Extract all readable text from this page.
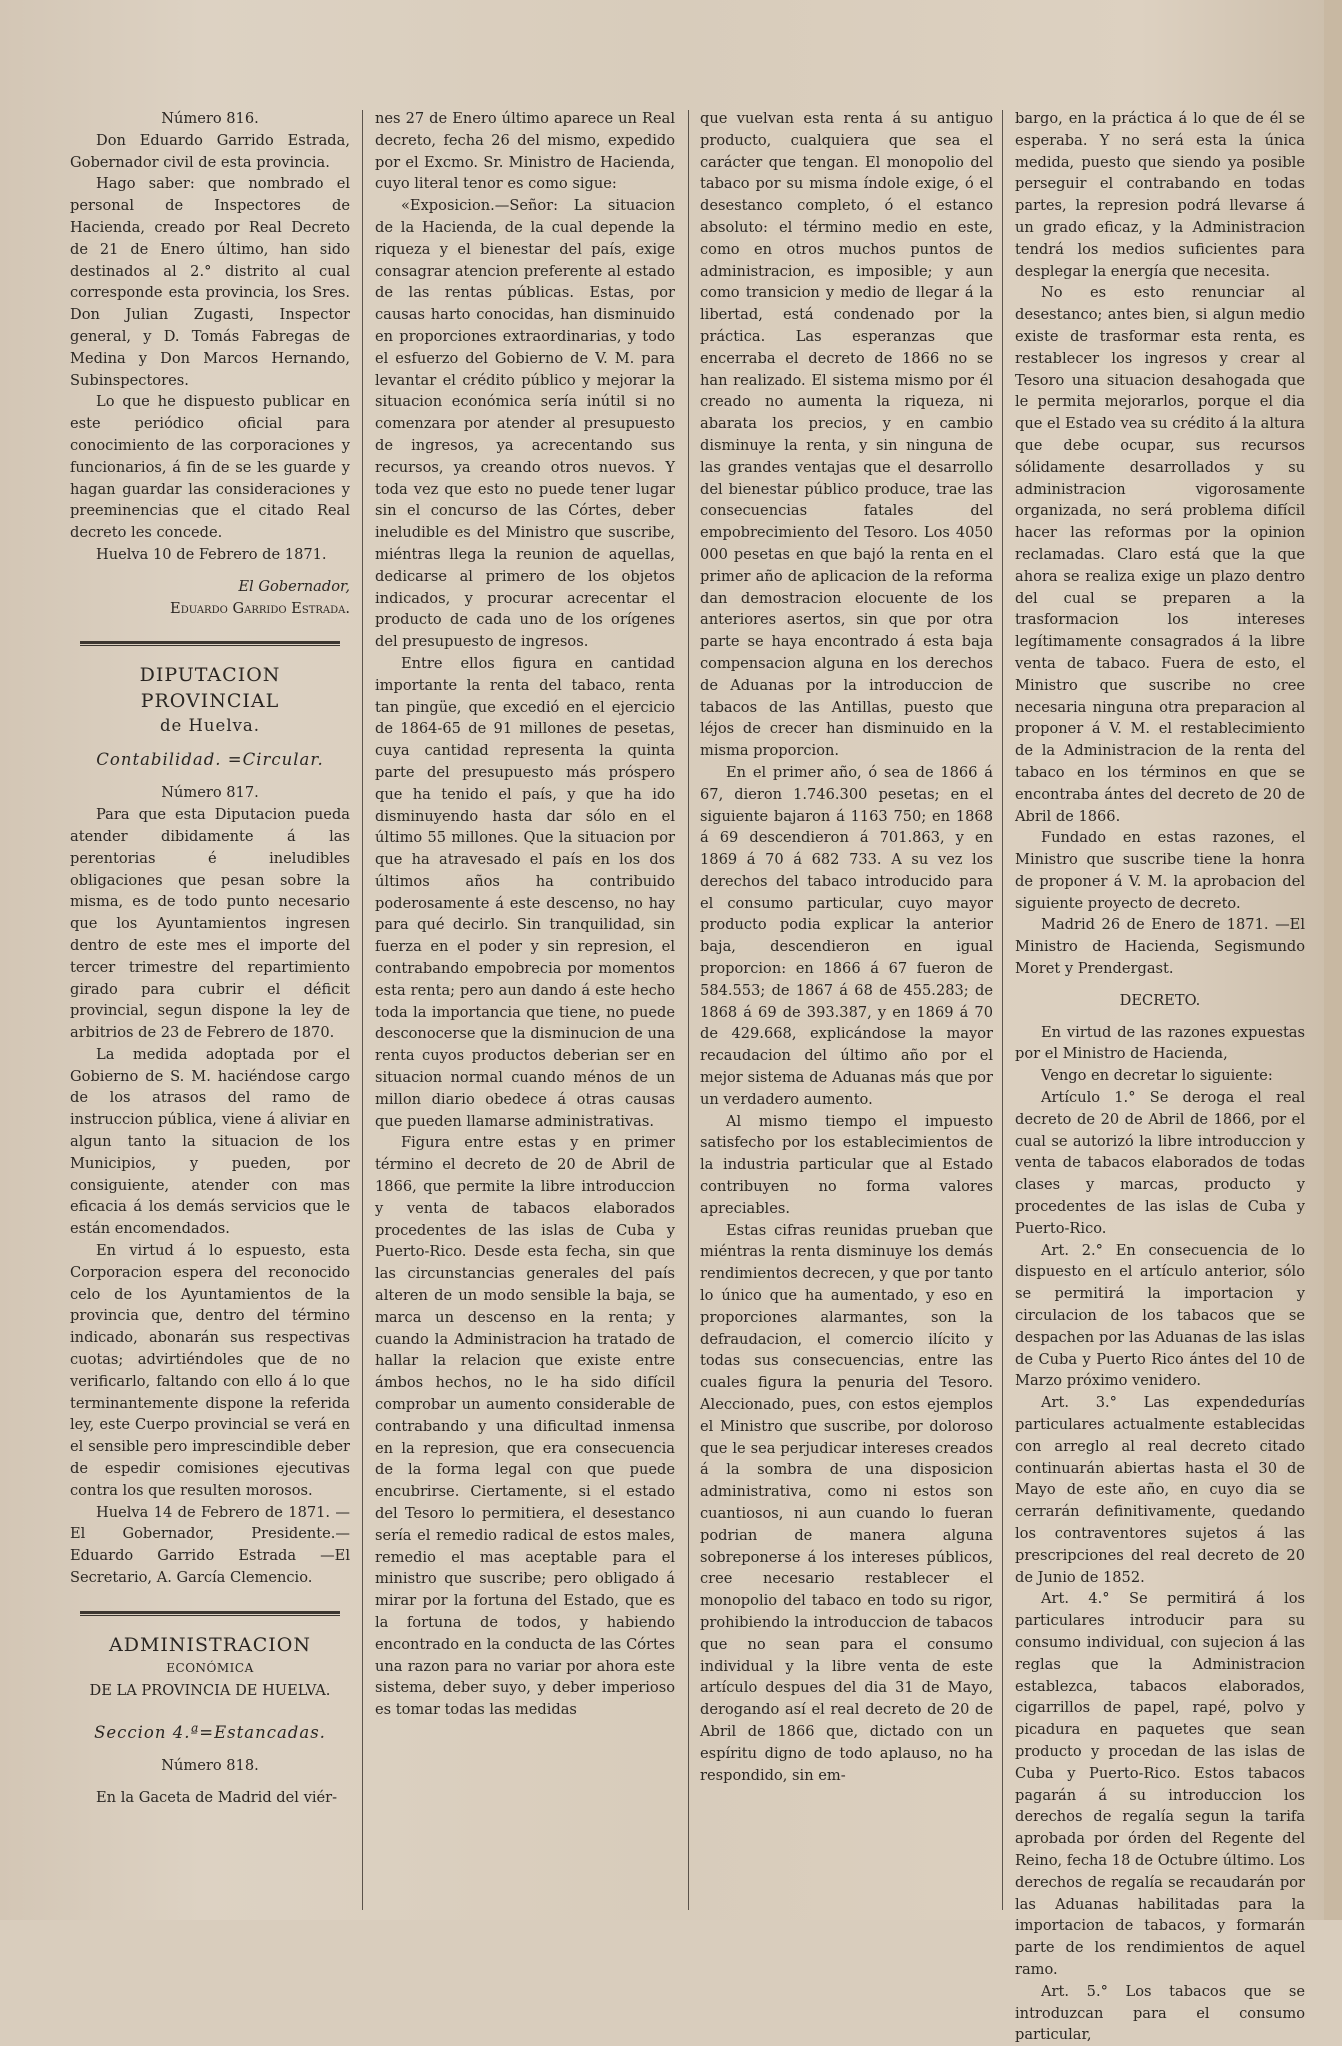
Número 816.

Don Eduardo Garrido Estrada, Gobernador civil de esta provincia.

Hago saber: que nombrado el personal de Inspectores de Hacienda, creado por Real Decreto de 21 de Enero último, han sido destinados al 2.° distrito al cual corresponde esta provincia, los Sres. Don Julian Zugasti, Inspector general, y D. Tomás Fabregas de Medina y Don Marcos Hernando, Subinspectores.

Lo que he dispuesto publicar en este periódico oficial para conocimiento de las corporaciones y funcionarios, á fin de se les guarde y hagan guardar las consideraciones y preeminencias que el citado Real decreto les concede.

Huelva 10 de Febrero de 1871.

El Gobernador,

Eduardo Garrido Estrada.

DIPUTACION PROVINCIAL

de Huelva.

Contabilidad. =Circular.

Número 817.

Para que esta Diputacion pueda atender dibidamente á las perentorias é ineludibles obligaciones que pesan sobre la misma, es de todo punto necesario que los Ayuntamientos ingresen dentro de este mes el importe del tercer trimestre del repartimiento girado para cubrir el déficit provincial, segun dispone la ley de arbitrios de 23 de Febrero de 1870.

La medida adoptada por el Gobierno de S. M. haciéndose cargo de los atrasos del ramo de instruccion pública, viene á aliviar en algun tanto la situacion de los Municipios, y pueden, por consiguiente, atender con mas eficacia á los demás servicios que le están encomendados.

En virtud á lo espuesto, esta Corporacion espera del reconocido celo de los Ayuntamientos de la provincia que, dentro del término indicado, abonarán sus respectivas cuotas; advirtiéndoles que de no verificarlo, faltando con ello á lo que terminantemente dispone la referida ley, este Cuerpo provincial se verá en el sensible pero imprescindible deber de espedir comisiones ejecutivas contra los que resulten morosos.

Huelva 14 de Febrero de 1871. —El Gobernador, Presidente.— Eduardo Garrido Estrada —El Secretario, A. García Clemencio.

ADMINISTRACION

ECONÓMICA

DE LA PROVINCIA DE HUELVA.

Seccion 4.ª=Estancadas.

Número 818.

En la Gaceta de Madrid del viér-

nes 27 de Enero último aparece un Real decreto, fecha 26 del mismo, expedido por el Excmo. Sr. Ministro de Hacienda, cuyo literal tenor es como sigue:

«Exposicion.—Señor: La situacion de la Hacienda, de la cual depende la riqueza y el bienestar del país, exige consagrar atencion preferente al estado de las rentas públicas. Estas, por causas harto conocidas, han disminuido en proporciones extraordinarias, y todo el esfuerzo del Gobierno de V. M. para levantar el crédito público y mejorar la situacion económica sería inútil si no comenzara por atender al presupuesto de ingresos, ya acrecentando sus recursos, ya creando otros nuevos. Y toda vez que esto no puede tener lugar sin el concurso de las Córtes, deber ineludible es del Ministro que suscribe, miéntras llega la reunion de aquellas, dedicarse al primero de los objetos indicados, y procurar acrecentar el producto de cada uno de los orígenes del presupuesto de ingresos.

Entre ellos figura en cantidad importante la renta del tabaco, renta tan pingüe, que excedió en el ejercicio de 1864-65 de 91 millones de pesetas, cuya cantidad representa la quinta parte del presupuesto más próspero que ha tenido el país, y que ha ido disminuyendo hasta dar sólo en el último 55 millones. Que la situacion por que ha atravesado el país en los dos últimos años ha contribuido poderosamente á este descenso, no hay para qué decirlo. Sin tranquilidad, sin fuerza en el poder y sin represion, el contrabando empobrecia por momentos esta renta; pero aun dando á este hecho toda la importancia que tiene, no puede desconocerse que la disminucion de una renta cuyos productos deberian ser en situacion normal cuando ménos de un millon diario obedece á otras causas que pueden llamarse administrativas.

Figura entre estas y en primer término el decreto de 20 de Abril de 1866, que permite la libre introduccion y venta de tabacos elaborados procedentes de las islas de Cuba y Puerto-Rico. Desde esta fecha, sin que las circunstancias generales del país alteren de un modo sensible la baja, se marca un descenso en la renta; y cuando la Administracion ha tratado de hallar la relacion que existe entre ámbos hechos, no le ha sido difícil comprobar un aumento considerable de contrabando y una dificultad inmensa en la represion, que era consecuencia de la forma legal con que puede encubrirse. Ciertamente, si el estado del Tesoro lo permitiera, el desestanco sería el remedio radical de estos males, remedio el mas aceptable para el ministro que suscribe; pero obligado á mirar por la fortuna del Estado, que es la fortuna de todos, y habiendo encontrado en la conducta de las Córtes una razon para no variar por ahora este sistema, deber suyo, y deber imperioso es tomar todas las medidas

que vuelvan esta renta á su antiguo producto, cualquiera que sea el carácter que tengan. El monopolio del tabaco por su misma índole exige, ó el desestanco completo, ó el estanco absoluto: el término medio en este, como en otros muchos puntos de administracion, es imposible; y aun como transicion y medio de llegar á la libertad, está condenado por la práctica. Las esperanzas que encerraba el decreto de 1866 no se han realizado. El sistema mismo por él creado no aumenta la riqueza, ni abarata los precios, y en cambio disminuye la renta, y sin ninguna de las grandes ventajas que el desarrollo del bienestar público produce, trae las consecuencias fatales del empobrecimiento del Tesoro. Los 4050 000 pesetas en que bajó la renta en el primer año de aplicacion de la reforma dan demostracion elocuente de los anteriores asertos, sin que por otra parte se haya encontrado á esta baja compensacion alguna en los derechos de Aduanas por la introduccion de tabacos de las Antillas, puesto que léjos de crecer han disminuido en la misma proporcion.

En el primer año, ó sea de 1866 á 67, dieron 1.746.300 pesetas; en el siguiente bajaron á 1163 750; en 1868 á 69 descendieron á 701.863, y en 1869 á 70 á 682 733. A su vez los derechos del tabaco introducido para el consumo particular, cuyo mayor producto podia explicar la anterior baja, descendieron en igual proporcion: en 1866 á 67 fueron de 584.553; de 1867 á 68 de 455.283; de 1868 á 69 de 393.387, y en 1869 á 70 de 429.668, explicándose la mayor recaudacion del último año por el mejor sistema de Aduanas más que por un verdadero aumento.

Al mismo tiempo el impuesto satisfecho por los establecimientos de la industria particular que al Estado contribuyen no forma valores apreciables.

Estas cifras reunidas prueban que miéntras la renta disminuye los demás rendimientos decrecen, y que por tanto lo único que ha aumentado, y eso en proporciones alarmantes, son la defraudacion, el comercio ilícito y todas sus consecuencias, entre las cuales figura la penuria del Tesoro. Aleccionado, pues, con estos ejemplos el Ministro que suscribe, por doloroso que le sea perjudicar intereses creados á la sombra de una disposicion administrativa, como ni estos son cuantiosos, ni aun cuando lo fueran podrian de manera alguna sobreponerse á los intereses públicos, cree necesario restablecer el monopolio del tabaco en todo su rigor, prohibiendo la introduccion de tabacos que no sean para el consumo individual y la libre venta de este artículo despues del dia 31 de Mayo, derogando así el real decreto de 20 de Abril de 1866 que, dictado con un espíritu digno de todo aplauso, no ha respondido, sin em-

bargo, en la práctica á lo que de él se esperaba. Y no será esta la única medida, puesto que siendo ya posible perseguir el contrabando en todas partes, la represion podrá llevarse á un grado eficaz, y la Administracion tendrá los medios suficientes para desplegar la energía que necesita.

No es esto renunciar al desestanco; antes bien, si algun medio existe de trasformar esta renta, es restablecer los ingresos y crear al Tesoro una situacion desahogada que le permita mejorarlos, porque el dia que el Estado vea su crédito á la altura que debe ocupar, sus recursos sólidamente desarrollados y su administracion vigorosamente organizada, no será problema difícil hacer las reformas por la opinion reclamadas. Claro está que la que ahora se realiza exige un plazo dentro del cual se preparen a la trasformacion los intereses legítimamente consagrados á la libre venta de tabaco. Fuera de esto, el Ministro que suscribe no cree necesaria ninguna otra preparacion al proponer á V. M. el restablecimiento de la Administracion de la renta del tabaco en los términos en que se encontraba ántes del decreto de 20 de Abril de 1866.

Fundado en estas razones, el Ministro que suscribe tiene la honra de proponer á V. M. la aprobacion del siguiente proyecto de decreto.

Madrid 26 de Enero de 1871. —El Ministro de Hacienda, Segismundo Moret y Prendergast.

DECRETO.

En virtud de las razones expuestas por el Ministro de Hacienda,

Vengo en decretar lo siguiente:

Artículo 1.° Se deroga el real decreto de 20 de Abril de 1866, por el cual se autorizó la libre introduccion y venta de tabacos elaborados de todas clases y marcas, producto y procedentes de las islas de Cuba y Puerto-Rico.

Art. 2.° En consecuencia de lo dispuesto en el artículo anterior, sólo se permitirá la importacion y circulacion de los tabacos que se despachen por las Aduanas de las islas de Cuba y Puerto Rico ántes del 10 de Marzo próximo venidero.

Art. 3.° Las expendedurías particulares actualmente establecidas con arreglo al real decreto citado continuarán abiertas hasta el 30 de Mayo de este año, en cuyo dia se cerrarán definitivamente, quedando los contraventores sujetos á las prescripciones del real decreto de 20 de Junio de 1852.

Art. 4.° Se permitirá á los particulares introducir para su consumo individual, con sujecion á las reglas que la Administracion establezca, tabacos elaborados, cigarrillos de papel, rapé, polvo y picadura en paquetes que sean producto y procedan de las islas de Cuba y Puerto-Rico. Estos tabacos pagarán á su introduccion los derechos de regalía segun la tarifa aprobada por órden del Regente del Reino, fecha 18 de Octubre último. Los derechos de regalía se recaudarán por las Aduanas habilitadas para la importacion de tabacos, y formarán parte de los rendimientos de aquel ramo.

Art. 5.° Los tabacos que se introduzcan para el consumo particular,
